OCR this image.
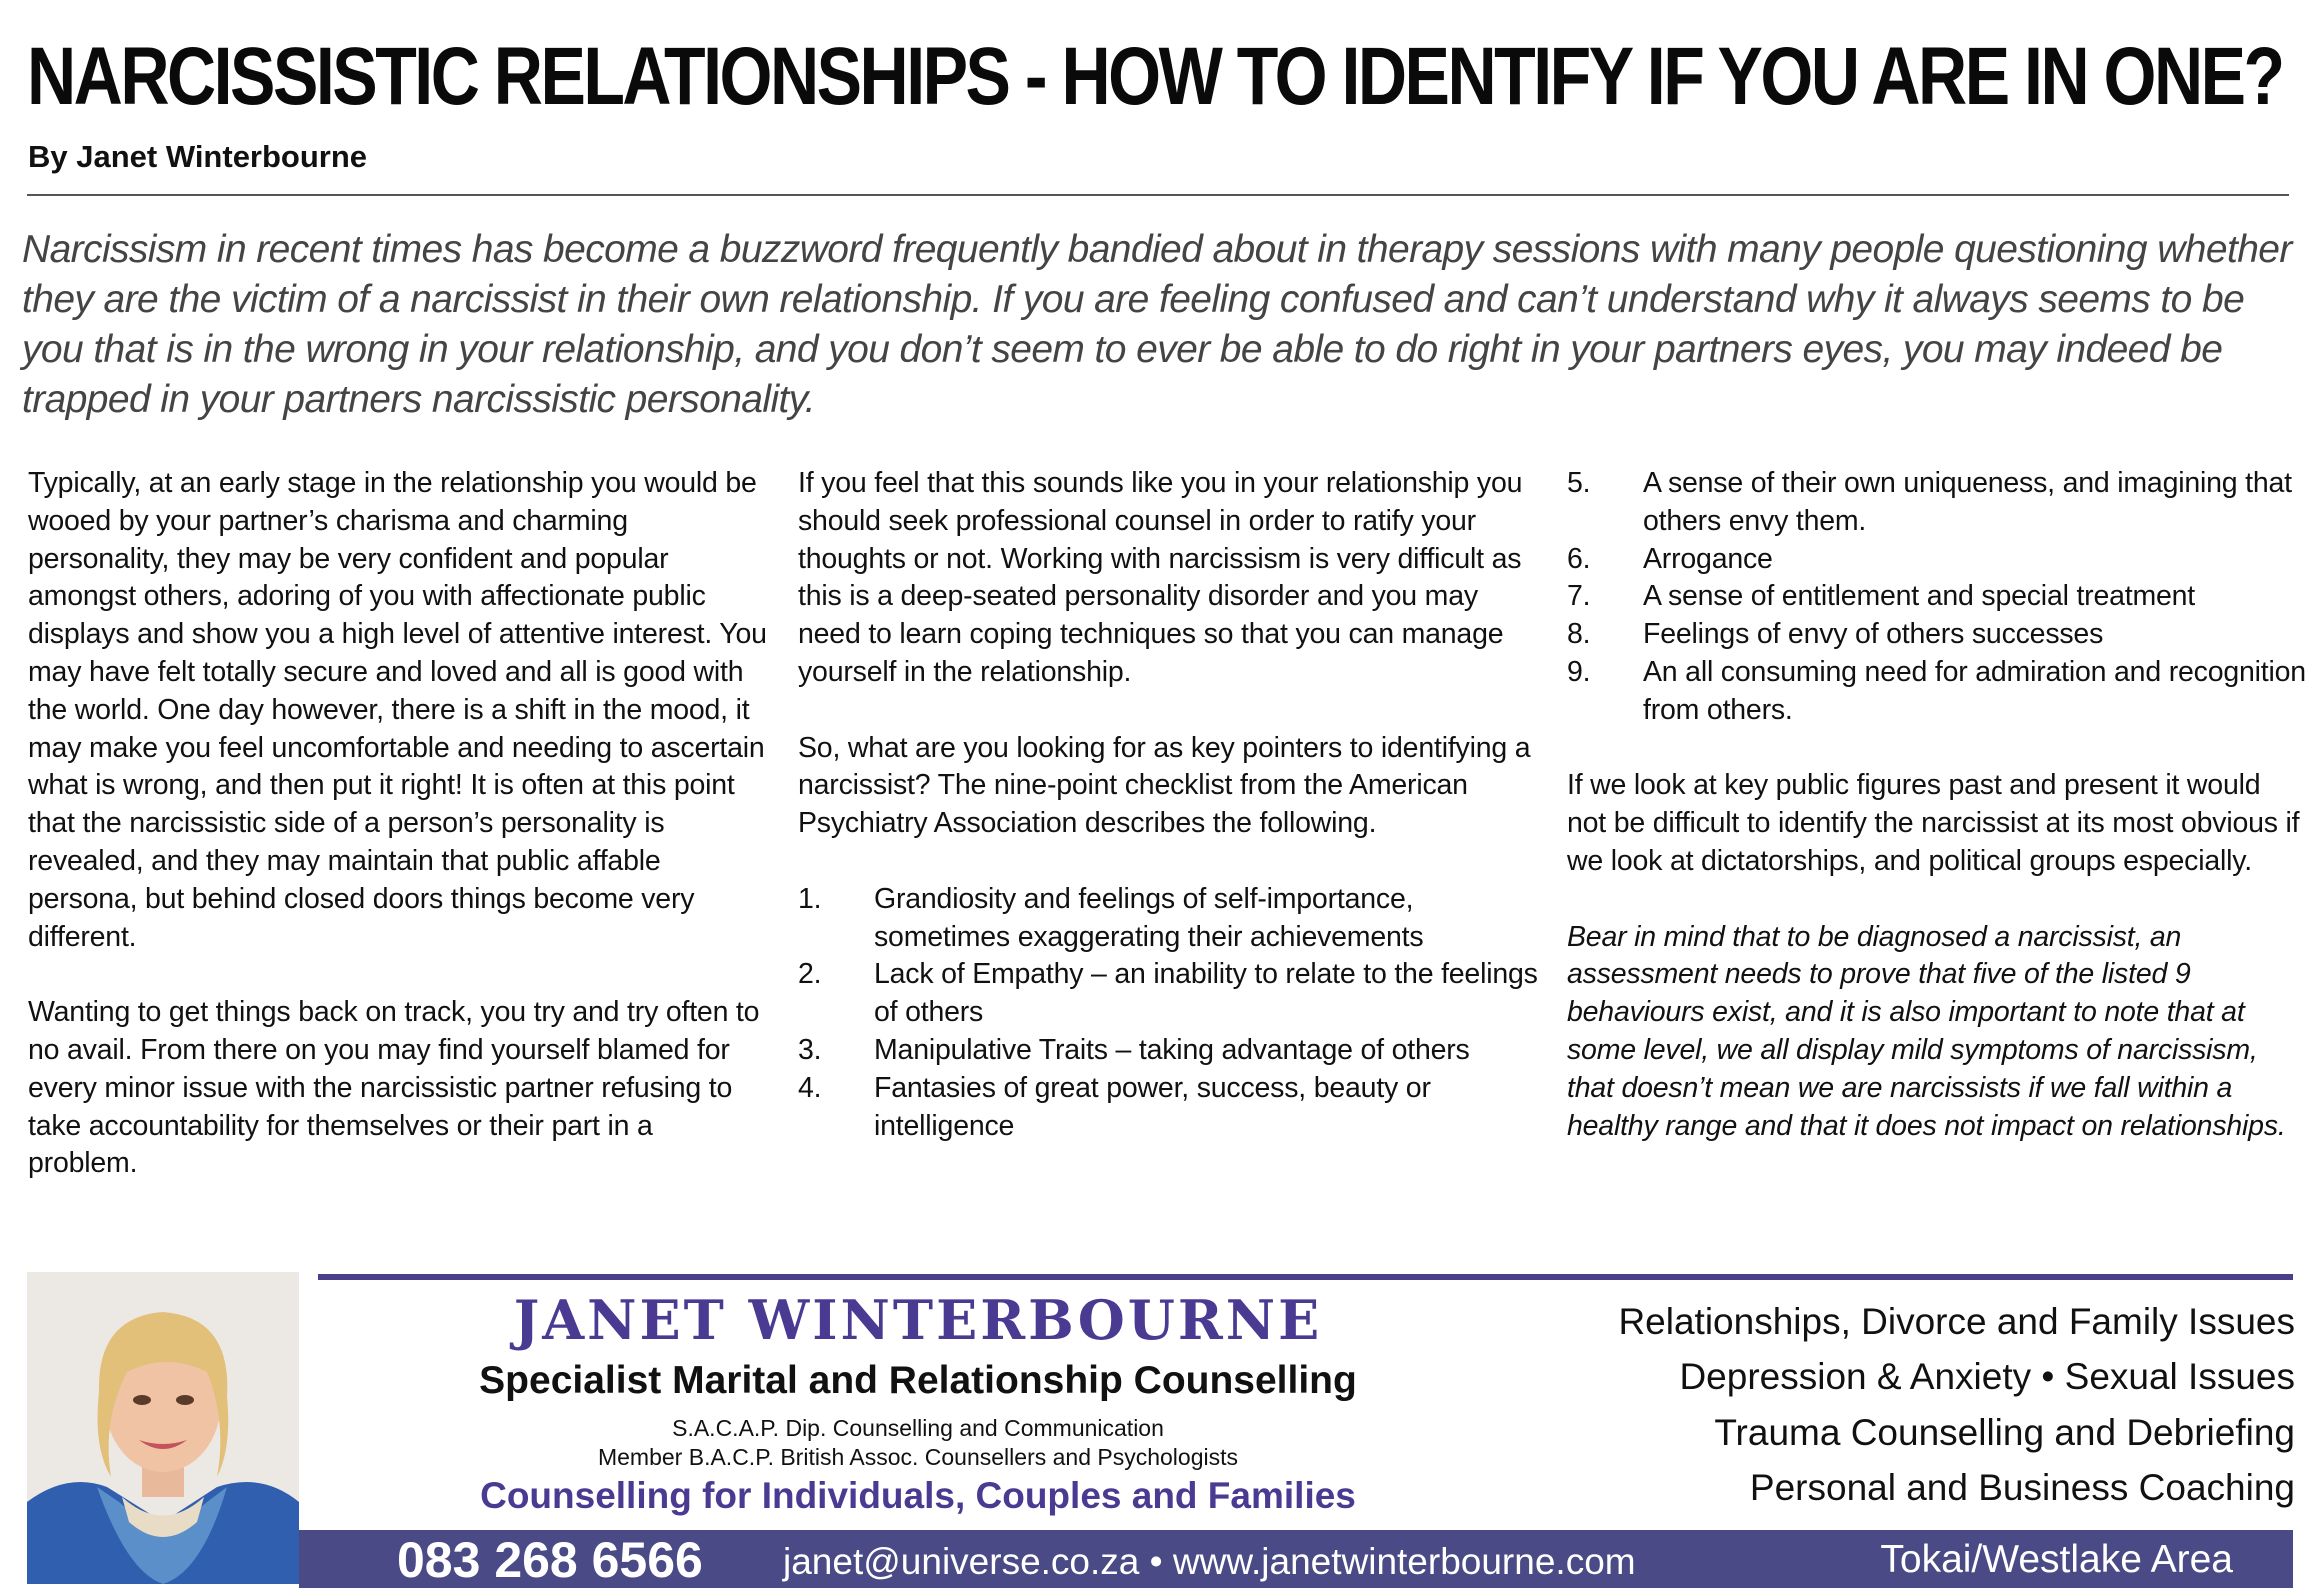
NARCISSISTIC RELATIONSHIPS - HOW TO IDENTIFY IF YOU ARE IN ONE?

By Janet Winterbourne

Narcissism in recent times has become a buzzword frequently bandied about in therapy sessions with many people questioning whether they are the victim of a narcissist in their own relationship. If you are feeling confused and can’t understand why it always seems to be you that is in the wrong in your relationship, and you don’t seem to ever be able to do right in your partners eyes, you may indeed be trapped in your partners narcissistic personality.

Typically, at an early stage in the relationship you would be wooed by your partner’s charisma and charming personality, they may be very confident and popular amongst others, adoring of you with affectionate public displays and show you a high level of attentive interest. You may have felt totally secure and loved and all is good with the world. One day however, there is a shift in the mood, it may make you feel uncomfortable and needing to ascertain what is wrong, and then put it right! It is often at this point that the narcissistic side of a person’s personality is revealed, and they may maintain that public affable persona, but behind closed doors things become very different.

Wanting to get things back on track, you try and try often to no avail. From there on you may find yourself blamed for every minor issue with the narcissistic partner refusing to take accountability for themselves or their part in a problem.

If you feel that this sounds like you in your relationship you should seek professional counsel in order to ratify your thoughts or not. Working with narcissism is very difficult as this is a deep-seated personality disorder and you may need to learn coping techniques so that you can manage yourself in the relationship.

So, what are you looking for as key pointers to identifying a narcissist? The nine-point checklist from the American Psychiatry Association describes the following.

1. Grandiosity and feelings of self-importance, sometimes exaggerating their achievements
2. Lack of Empathy – an inability to relate to the feelings of others
3. Manipulative Traits – taking advantage of others
4. Fantasies of great power, success, beauty or intelligence
5. A sense of their own uniqueness, and imagining that others envy them.
6. Arrogance
7. A sense of entitlement and special treatment
8. Feelings of envy of others successes
9. An all consuming need for admiration and recognition from others.

If we look at key public figures past and present it would not be difficult to identify the narcissist at its most obvious if we look at dictatorships, and political groups especially.

Bear in mind that to be diagnosed a narcissist, an assessment needs to prove that five of the listed 9 behaviours exist, and it is also important to note that at some level, we all display mild symptoms of narcissism, that doesn’t mean we are narcissists if we fall within a healthy range and that it does not impact on relationships.

JANET WINTERBOURNE

Specialist Marital and Relationship Counselling

S.A.C.A.P. Dip. Counselling and Communication

Member B.A.C.P. British Assoc. Counsellers and Psychologists

Counselling for Individuals, Couples and Families

Relationships, Divorce and Family Issues

Depression & Anxiety • Sexual Issues

Trauma Counselling and Debriefing

Personal and Business Coaching

083 268 6566 janet@universe.co.za • www.janetwinterbourne.com	Tokai/Westlake Area
